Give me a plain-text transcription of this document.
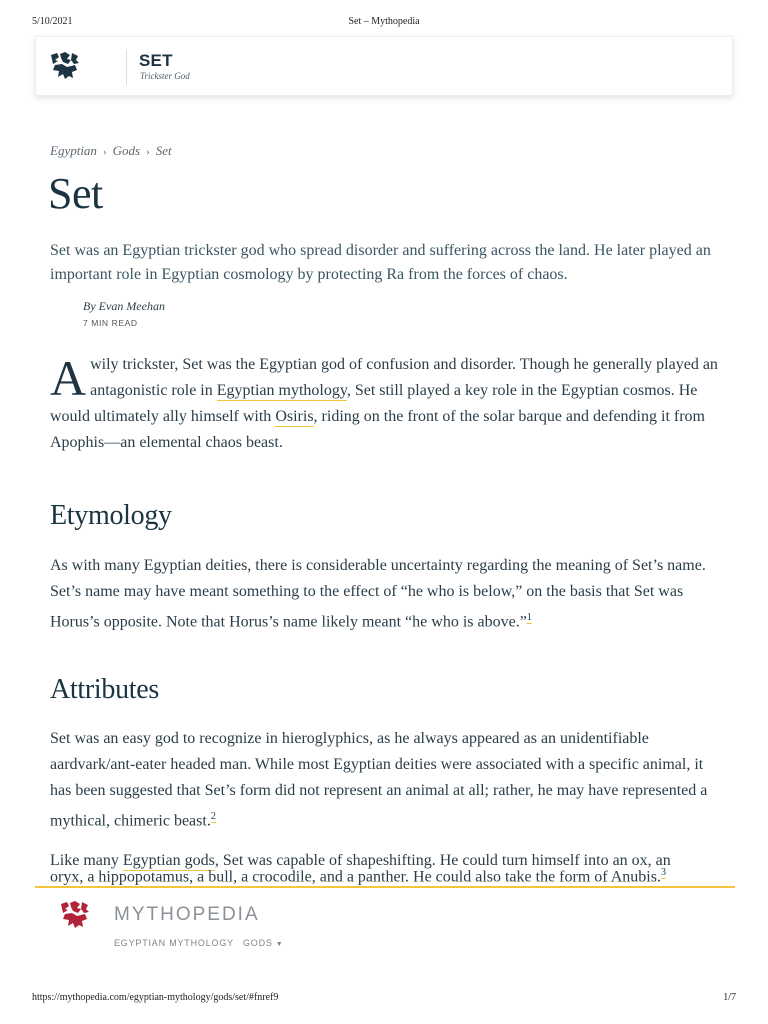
5/10/2021	Set – Mythopedia
SET
Trickster God
Egyptian › Gods › Set
Set

Set was an Egyptian trickster god who spread disorder and suffering across the land. He later played an important role in Egyptian cosmology by protecting Ra from the forces of chaos.

By Evan Meehan
7 MIN READ

A wily trickster, Set was the Egyptian god of confusion and disorder. Though he generally played an antagonistic role in Egyptian mythology, Set still played a key role in the Egyptian cosmos. He would ultimately ally himself with Osiris, riding on the front of the solar barque and defending it from Apophis—an elemental chaos beast.

Etymology

As with many Egyptian deities, there is considerable uncertainty regarding the meaning of Set’s name. Set’s name may have meant something to the effect of “he who is below,” on the basis that Set was Horus’s opposite. Note that Horus’s name likely meant “he who is above.”$^1$

Attributes

Set was an easy god to recognize in hieroglyphics, as he always appeared as an unidentifiable aardvark/ant-eater headed man. While most Egyptian deities were associated with a specific animal, it has been suggested that Set’s form did not represent an animal at all; rather, he may have represented a mythical, chimeric beast.$^2$

Like many Egyptian gods, Set was capable of shapeshifting. He could turn himself into an ox, an

oryx, a hippopotamus, a bull, a crocodile, and a panther. He could also take the form of Anubis.$^3$
MYTHOPEDIA
EGYPTIAN MYTHOLOGY GODS ▼
https://mythopedia.com/egyptian-mythology/gods/set/#fnref9	1/7
